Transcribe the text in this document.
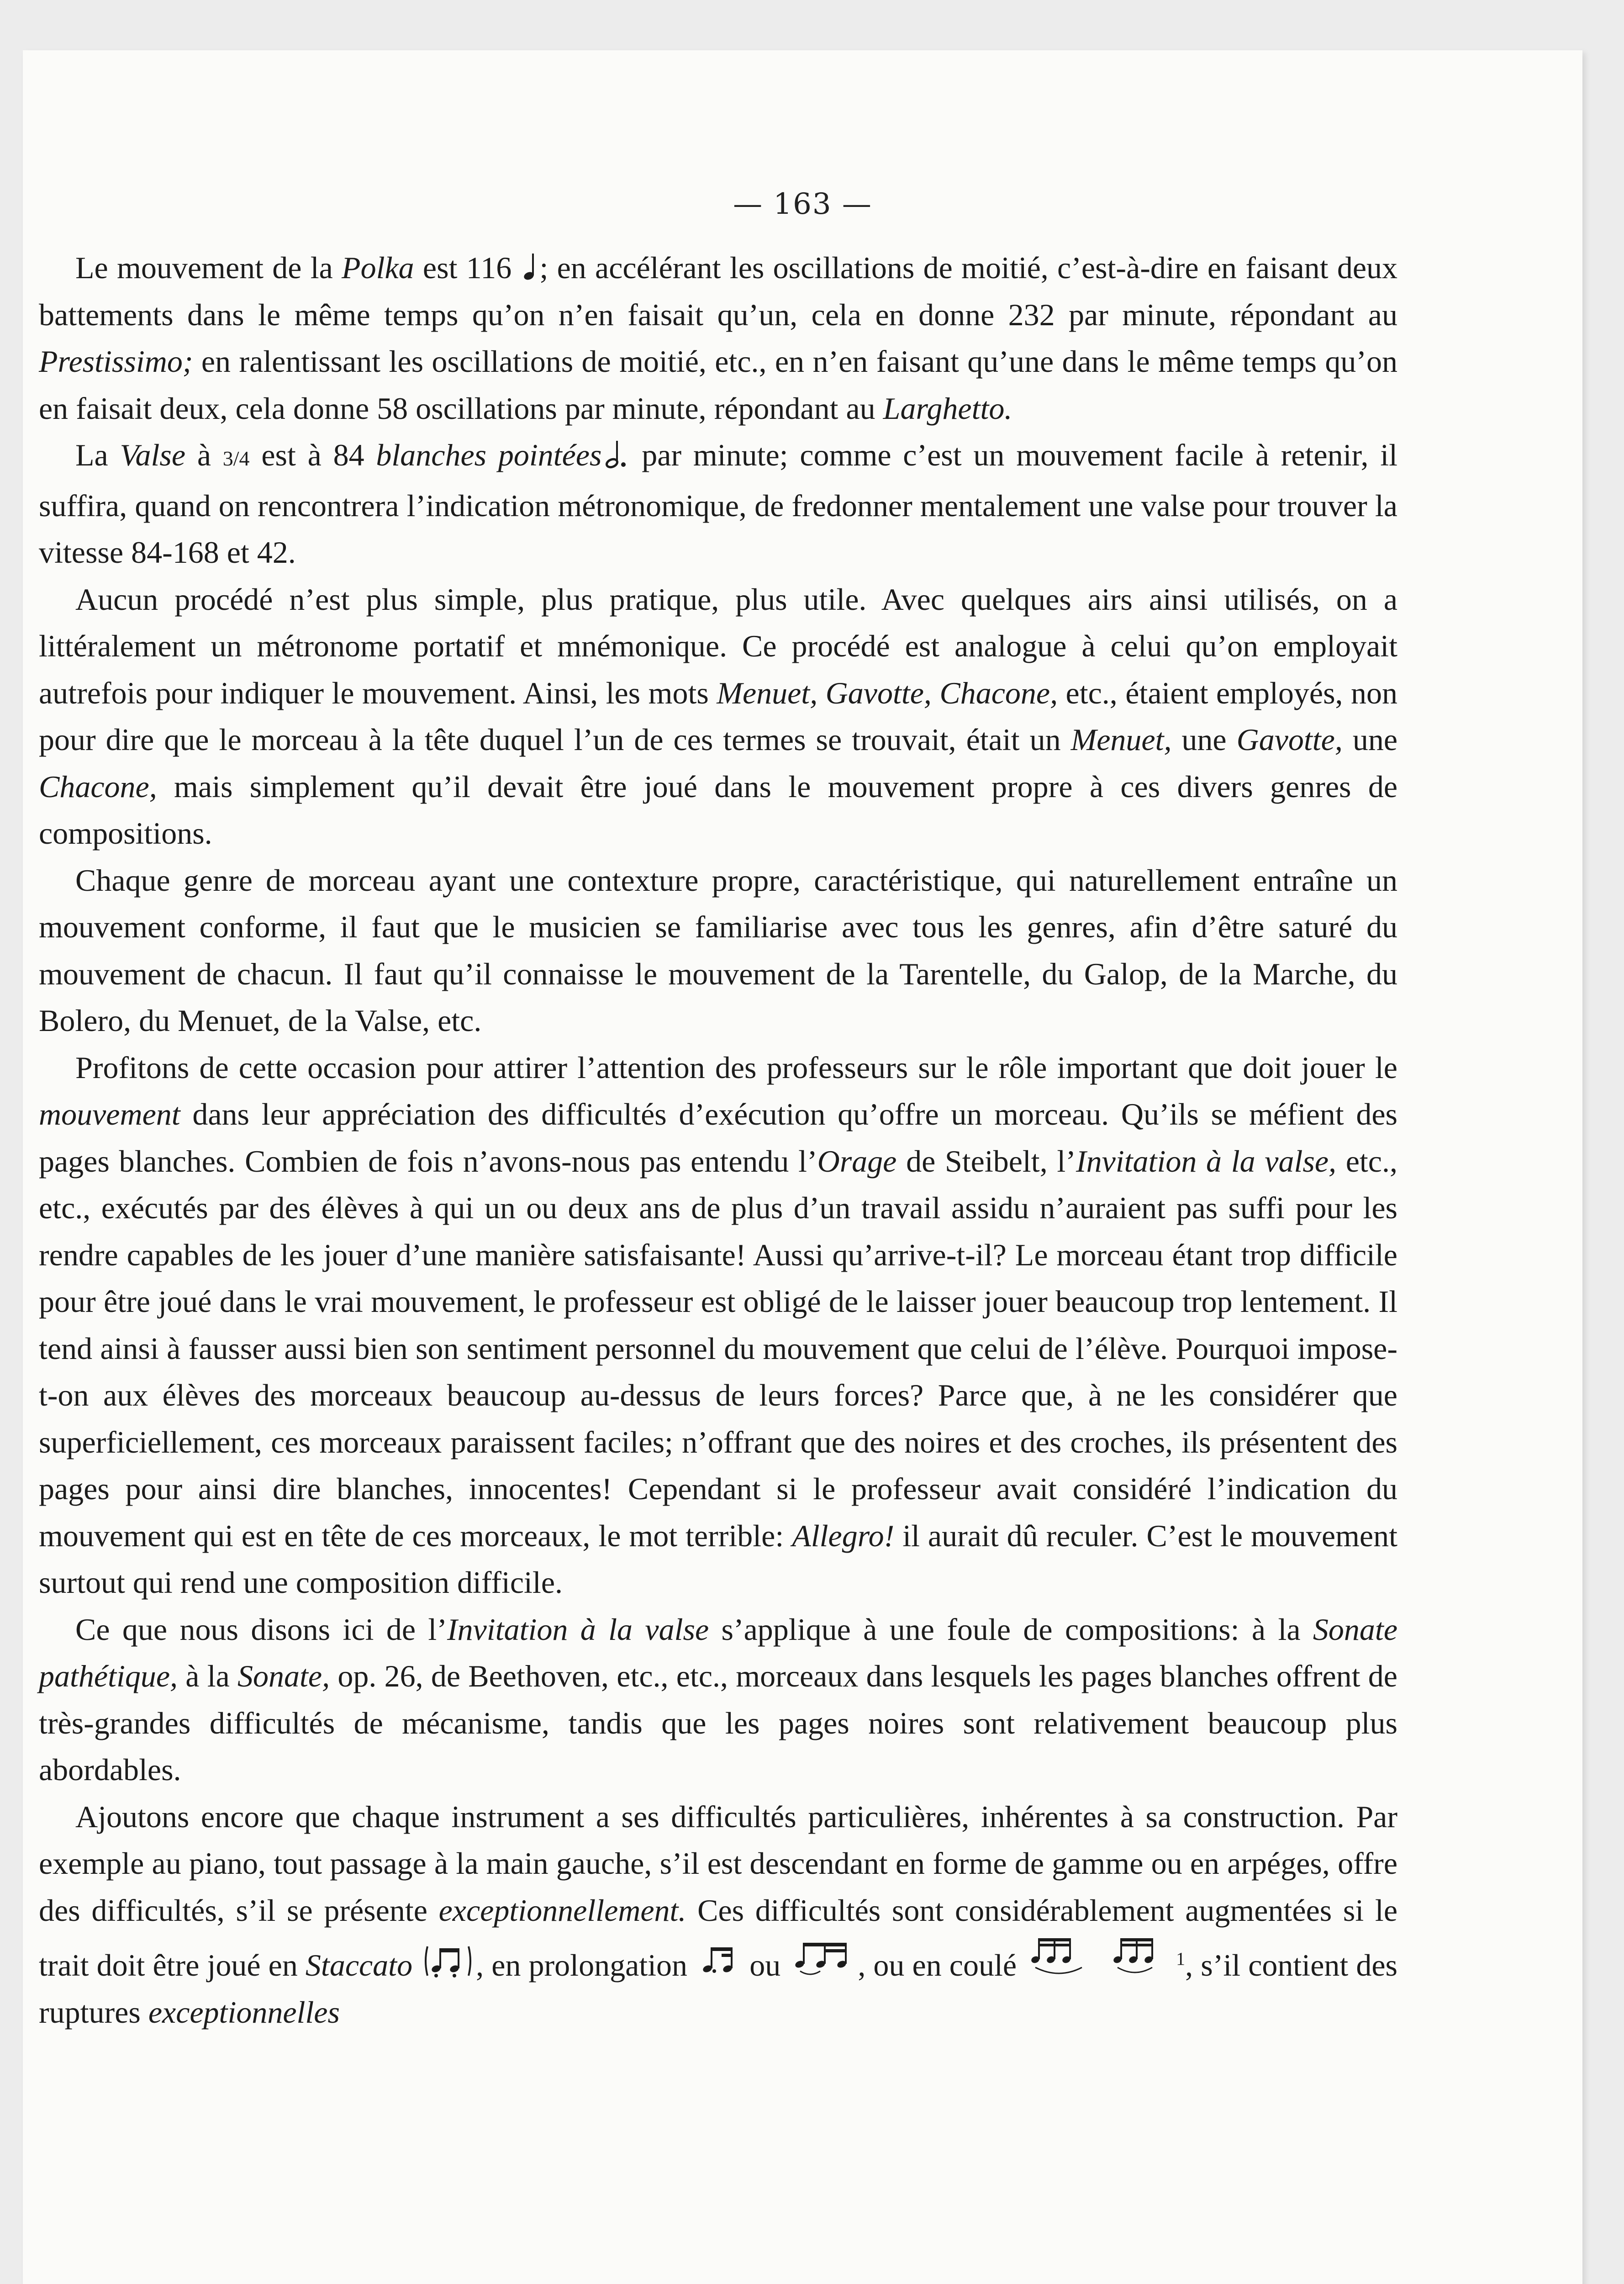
— 163 —

Le mouvement de la Polka est 116 ; en accélérant les oscillations de moitié, c’est-à-dire en faisant deux battements dans le même temps qu’on n’en faisait qu’un, cela en donne 232 par minute, répondant au Prestissimo; en ralentissant les oscillations de moitié, etc., en n’en faisant qu’une dans le même temps qu’on en faisait deux, cela donne 58 oscillations par minute, répondant au Larghetto.

La Valse à 3/4 est à 84 blanches pointées par minute; comme c’est un mouvement facile à retenir, il suffira, quand on rencontrera l’indication métronomique, de fredonner mentalement une valse pour trouver la vitesse 84-168 et 42.

Aucun procédé n’est plus simple, plus pratique, plus utile. Avec quelques airs ainsi utilisés, on a littéralement un métronome portatif et mnémonique. Ce procédé est analogue à celui qu’on employait autrefois pour indiquer le mouvement. Ainsi, les mots Menuet, Gavotte, Chacone, etc., étaient employés, non pour dire que le morceau à la tête duquel l’un de ces termes se trouvait, était un Menuet, une Gavotte, une Chacone, mais simplement qu’il devait être joué dans le mouvement propre à ces divers genres de compositions.

Chaque genre de morceau ayant une contexture propre, caractéristique, qui naturellement entraîne un mouvement conforme, il faut que le musicien se familiarise avec tous les genres, afin d’être saturé du mouvement de chacun. Il faut qu’il connaisse le mouvement de la Tarentelle, du Galop, de la Marche, du Bolero, du Menuet, de la Valse, etc.

Profitons de cette occasion pour attirer l’attention des professeurs sur le rôle important que doit jouer le mouvement dans leur appréciation des difficultés d’exécution qu’offre un morceau. Qu’ils se méfient des pages blanches. Combien de fois n’avons-nous pas entendu l’Orage de Steibelt, l’Invitation à la valse, etc., etc., exécutés par des élèves à qui un ou deux ans de plus d’un travail assidu n’auraient pas suffi pour les rendre capables de les jouer d’une manière satisfaisante! Aussi qu’arrive-t-il? Le morceau étant trop difficile pour être joué dans le vrai mouvement, le professeur est obligé de le laisser jouer beaucoup trop lentement. Il tend ainsi à fausser aussi bien son sentiment personnel du mouvement que celui de l’élève. Pourquoi impose-t-on aux élèves des morceaux beaucoup au-dessus de leurs forces? Parce que, à ne les considérer que superficiellement, ces morceaux paraissent faciles; n’offrant que des noires et des croches, ils présentent des pages pour ainsi dire blanches, innocentes! Cependant si le professeur avait considéré l’indication du mouvement qui est en tête de ces morceaux, le mot terrible: Allegro! il aurait dû reculer. C’est le mouvement surtout qui rend une composition difficile.

Ce que nous disons ici de l’Invitation à la valse s’applique à une foule de compositions: à la Sonate pathétique, à la Sonate, op. 26, de Beethoven, etc., etc., morceaux dans lesquels les pages blanches offrent de très-grandes difficultés de mécanisme, tandis que les pages noires sont relativement beaucoup plus abordables.

Ajoutons encore que chaque instrument a ses difficultés particulières, inhérentes à sa construction. Par exemple au piano, tout passage à la main gauche, s’il est descendant en forme de gamme ou en arpéges, offre des difficultés, s’il se présente exceptionnellement. Ces difficultés sont considérablement augmentées si le trait doit être joué en Staccato , en prolongation  ou , ou en coulé	$^1$, s’il contient des ruptures exceptionnelles
